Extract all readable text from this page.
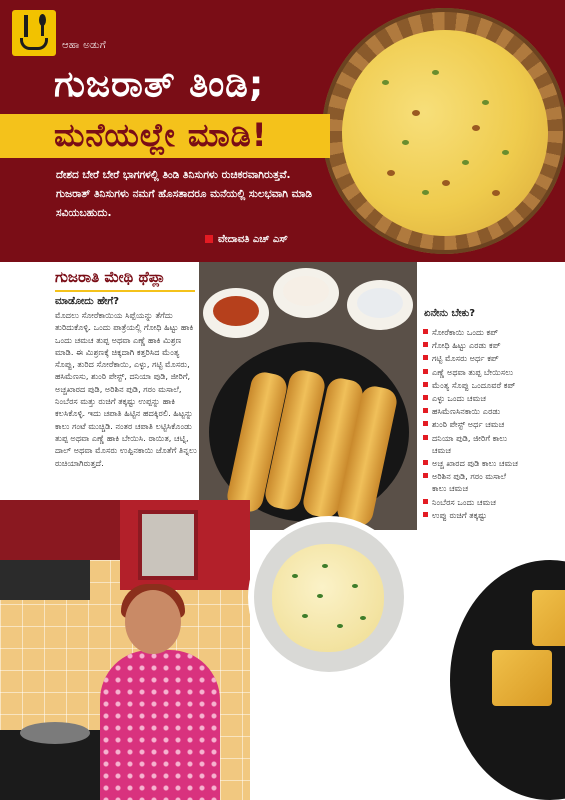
ಆಹಾ ಅಡುಗೆ
ಗುಜರಾತ್ ತಿಂಡಿ;
ಮನೆಯಲ್ಲೇ ಮಾಡಿ!

ದೇಶದ ಬೇರೆ ಬೇರೆ ಭಾಗಗಳಲ್ಲಿ ತಿಂಡಿ ತಿನಿಸುಗಳು ರುಚಿಕರವಾಗಿರುತ್ತವೆ. ಗುಜರಾತ್ ತಿನಿಸುಗಳು ನಮಗೆ ಹೊಸತಾದರೂ ಮನೆಯಲ್ಲಿ ಸುಲಭವಾಗಿ ಮಾಡಿ ಸವಿಯಬಹುದು.

ವೇದಾವತಿ ಎಚ್ ಎಸ್
ಗುಜರಾತಿ ಮೇಥಿ ಥೆಪ್ಲಾ
ಮಾಡೋದು ಹೇಗೆ?

ಮೊದಲು ಸೋರೆಕಾಯಿಯ ಸಿಪ್ಪೆಯನ್ನು ತೆಗೆದು ತುರಿದುಕೊಳ್ಳಿ. ಒಂದು ಪಾತ್ರೆಯಲ್ಲಿ ಗೋಧಿ ಹಿಟ್ಟು ಹಾಕಿ ಒಂದು ಚಮಚ ತುಪ್ಪ ಅಥವಾ ಎಣ್ಣೆ ಹಾಕಿ ಮಿಶ್ರಣ ಮಾಡಿ. ಈ ಮಿಶ್ರಣಕ್ಕೆ ಚಿಕ್ಕದಾಗಿ ಕತ್ತರಿಸಿದ ಮೆಂತ್ಯ ಸೊಪ್ಪು, ತುರಿದ ಸೋರೆಕಾಯಿ, ಎಳ್ಳು, ಗಟ್ಟಿ ಮೊಸರು, ಹಸಿಮೆಣಸು, ಶುಂಠಿ ಪೇಸ್ಟ್, ದನಿಯಾ ಪುಡಿ, ಜೀರಿಗೆ, ಅಚ್ಚಖಾರದ ಪುಡಿ, ಅರಿಶಿನ ಪುಡಿ, ಗರಂ ಮಸಾಲೆ, ನಿಂಬೆರಸ ಮತ್ತು ರುಚಿಗೆ ತಕ್ಕಷ್ಟು ಉಪ್ಪನ್ನು ಹಾಕಿ ಕಲಸಿಕೊಳ್ಳಿ. ಇದು ಚಪಾತಿ ಹಿಟ್ಟಿನ ಹದಕ್ಕಿರಲಿ. ಹಿಟ್ಟನ್ನು ಕಾಲು ಗಂಟೆ ಮುಚ್ಚಿಡಿ. ನಂತರ ಚಪಾತಿ ಲಟ್ಟಿಸಿಕೊಂಡು ತುಪ್ಪ ಅಥವಾ ಎಣ್ಣೆ ಹಾಕಿ ಬೇಯಿಸಿ. ರಾಯಿತ, ಚಟ್ನಿ, ದಾಲ್ ಅಥವಾ ಮೊಸರು ಉಪ್ಪಿನಕಾಯಿ ಜೊತೆಗೆ ತಿನ್ನಲು ರುಚಿಯಾಗಿರುತ್ತದೆ.

ಏನೇನು ಬೇಕು?
ಸೋರೆಕಾಯಿ ಒಂದು ಕಪ್
ಗೋಧಿ ಹಿಟ್ಟು ಎರಡು ಕಪ್
ಗಟ್ಟಿ ಮೊಸರು ಅರ್ಧ ಕಪ್
ಎಣ್ಣೆ ಅಥವಾ ತುಪ್ಪ ಬೇಯಿಸಲು
ಮೆಂತ್ಯ ಸೊಪ್ಪು ಒಂದೂವರೆ ಕಪ್
ಎಳ್ಳು ಒಂದು ಚಮಚ
ಹಸಿಮೆಣಸಿನಕಾಯಿ ಎರಡು
ಶುಂಠಿ ಪೇಸ್ಟ್ ಅರ್ಧ ಚಮಚ
ದನಿಯಾ ಪುಡಿ, ಜೀರಿಗೆ ಕಾಲು ಚಮಚ
ಅಚ್ಚ ಖಾರದ ಪುಡಿ ಕಾಲು ಚಮಚ
ಅರಿಶಿನ ಪುಡಿ, ಗರಂ ಮಸಾಲೆ ಕಾಲು ಚಮಚ
ನಿಂಬೆರಸ ಒಂದು ಚಮಚ
ಉಪ್ಪು ರುಚಿಗೆ ತಕ್ಕಷ್ಟು
